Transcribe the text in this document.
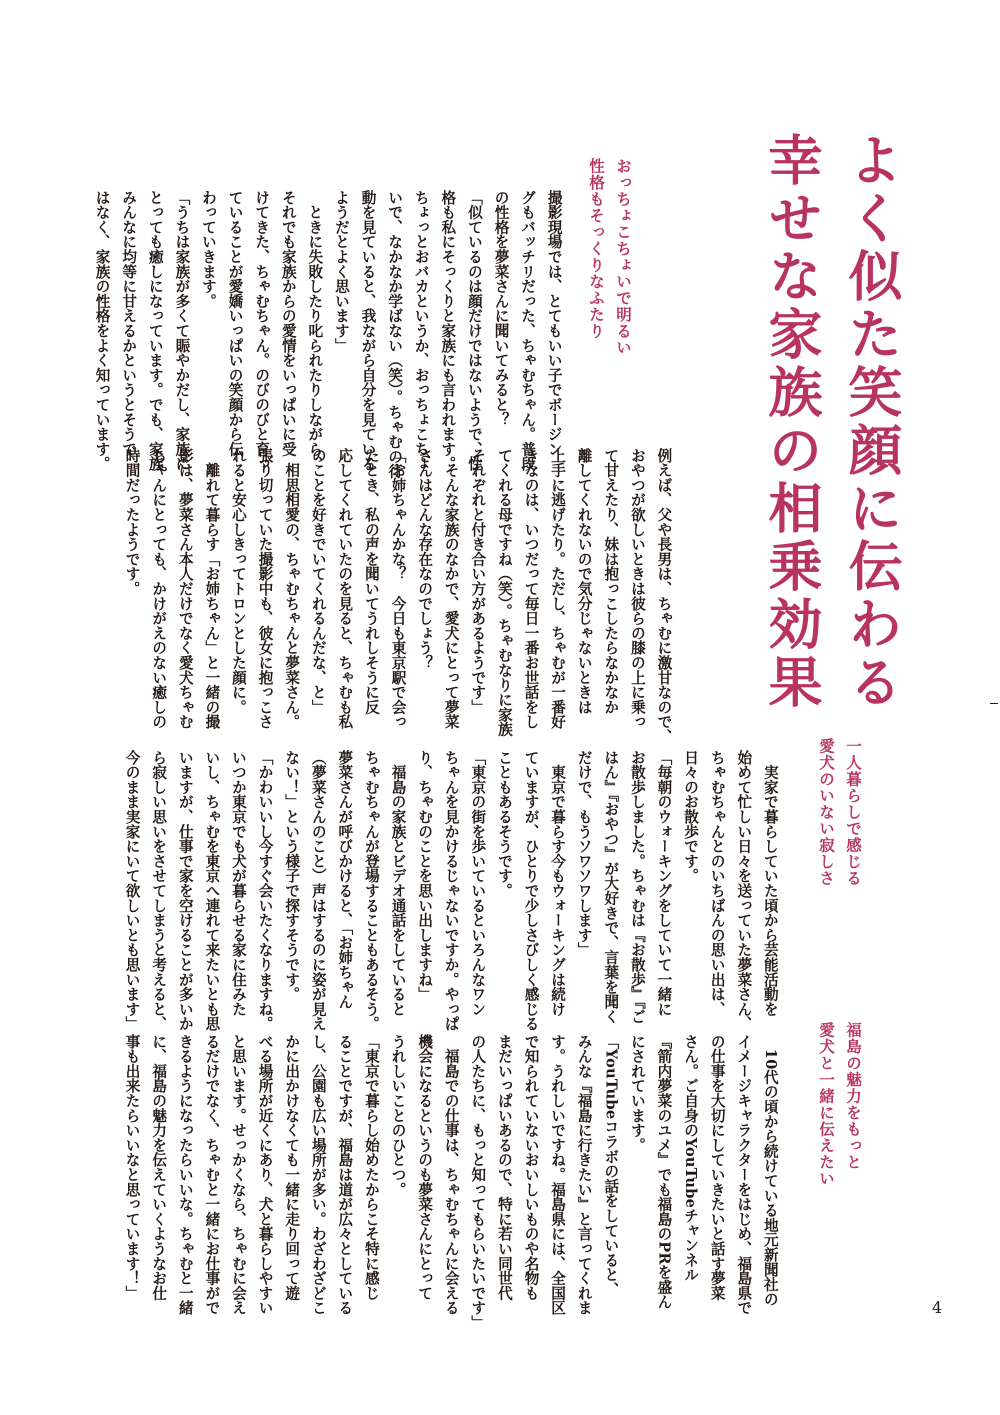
よく似た笑顔に伝わる
幸せな家族の相乗効果
おっちょこちょいで明るい
性格もそっくりなふたり
撮影現場では、とてもいい子でボージン
グもバッチリだった、ちゃむちゃん。普段
の性格を夢菜さんに聞いてみると？
「似ているのは顔だけではないようで、性
格も私にそっくりと家族にも言われます。
ちょっとおバカというか、おっちょこちょ
いで、なかなか学ばない（笑）。ちゃむの行
動を見ていると、我ながら自分を見ている
ようだとよく思います」
　ときに失敗したり叱られたりしながら、
それでも家族からの愛情をいっぱいに受
けてきた、ちゃむちゃん。のびのびと育っ
ていることが愛嬌いっぱいの笑顔から伝
わっていきます。
「うちは家族が多くて賑やかだし、家族に
とっても癒しになっています。でも、家族
みんなに均等に甘えるかというとそうで
はなく、家族の性格をよく知っています。
例えば、父や長男は、ちゃむに激甘なので、
おやつが欲しいときは彼らの膝の上に乗っ
て甘えたり、妹は抱っこしたらなかなか
離してくれないので気分じゃないときは
上手に逃げたり。ただし、ちゃむが一番好
きなのは、いつだって毎日一番お世話をし
てくれる母ですね（笑）。ちゃむなりに家族
それぞれと付き合い方があるようです」
　そんな家族のなかで、愛犬にとって夢菜
さんはどんな存在なのでしょう？
「お姉ちゃんかな？　今日も東京駅で会っ
たとき、私の声を聞いてうれしそうに反
応してくれていたのを見ると、ちゃむも私
のことを好きでいてくれるんだな、と」
　相思相愛の、ちゃむちゃんと夢菜さん。
張り切っていた撮影中も、彼女に抱っこさ
れると安心しきってトロンとした顔に。
　離れて暮らす「お姉ちゃん」と一緒の撮
影は、夢菜さん本人だけでなく愛犬ちゃむ
ちゃんにとっても、かけがえのない癒しの
時間だったようです。
一人暮らしで感じる
愛犬のいない寂しさ
　実家で暮らしていた頃から芸能活動を
始めて忙しい日々を送っていた夢菜さん、
ちゃむちゃんとのいちばんの思い出は、
日々のお散歩です。
「毎朝のウォーキングをしていて一緒に
お散歩しました。ちゃむは『お散歩』『ご
はん』『おやつ』が大好きで、言葉を聞く
だけで、もうソワソワします」
　東京で暮らす今もウォーキングは続け
ていますが、ひとりで少しさびしく感じる
こともあるそうです。
「東京の街を歩いているといろんなワン
ちゃんを見かけるじゃないですか。やっぱ
り、ちゃむのことを思い出しますね」
　福島の家族とビデオ通話をしていると
ちゃむちゃんが登場することもあるそう。
夢菜さんが呼びかけると、「お姉ちゃん
（夢菜さんのこと）声はするのに姿が見え
ない！」という様子で探すそうです。
「かわいいし今すぐ会いたくなりますね。
いつか東京でも犬が暮らせる家に住みた
いし、ちゃむを東京へ連れて来たいとも思
いますが、仕事で家を空けることが多いか
ら寂しい思いをさせてしまうと考えると、
今のまま実家にいて欲しいとも思います」
福島の魅力をもっと
愛犬と一緒に伝えたい
　10代の頃から続けている地元新聞社の
イメージキャラクターをはじめ、福島県で
の仕事を大切にしていきたいと話す夢菜
さん。ご自身のYouTubeチャンネル
『箭内夢菜のユメ』でも福島のPRを盛ん
にされています。
「YouTubeコラボの話をしていると、
みんな『福島に行きたい』と言ってくれま
す。うれしいですね。福島県には、全国区
で知られていないおいしいものや名物も
まだいっぱいあるので、特に若い同世代
の人たちに、もっと知ってもらいたいです」
　福島での仕事は、ちゃむちゃんに会える
機会になるというのも夢菜さんにとって
うれしいことのひとつ。
「東京で暮らし始めたからこそ特に感じ
ることですが、福島は道が広々としている
し、公園も広い場所が多い。わざわざどこ
かに出かけなくても一緒に走り回って遊
べる場所が近くにあり、犬と暮らしやすい
と思います。せっかくなら、ちゃむに会え
るだけでなく、ちゃむと一緒にお仕事がで
きるようになったらいいな。ちゃむと一緒
に、福島の魅力を伝えていくようなお仕
事も出来たらいいなと思っています！」
4
